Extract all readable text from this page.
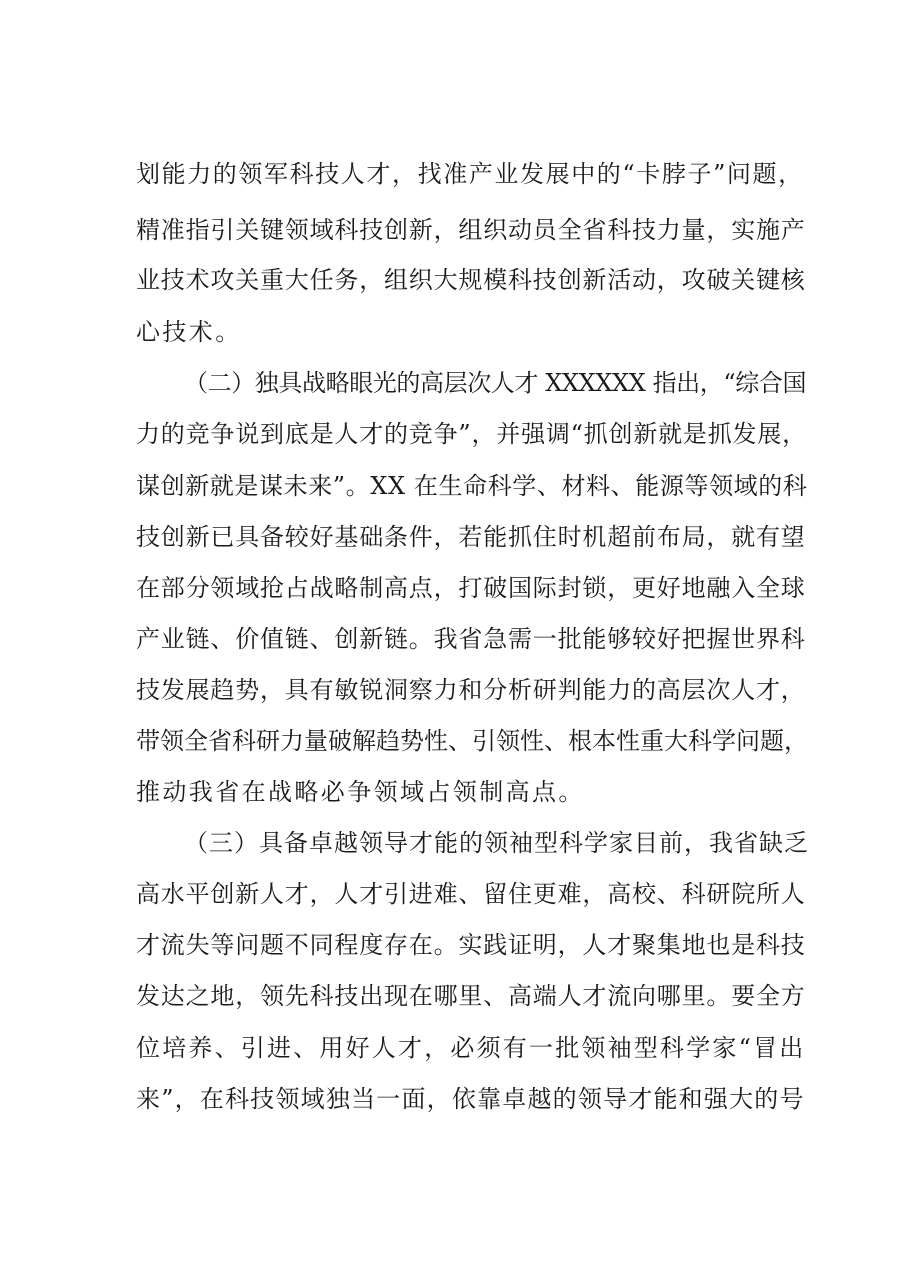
划能力的领军科技人才，找准产业发展中的“卡脖子”问题，
精准指引关键领域科技创新，组织动员全省科技力量，实施产
业技术攻关重大任务，组织大规模科技创新活动，攻破关键核
心技术。
（二）独具战略眼光的高层次人才 XXXXXX 指出，“综合国
力的竞争说到底是人才的竞争”，并强调“抓创新就是抓发展，
谋创新就是谋未来”。XX 在生命科学、材料、能源等领域的科
技创新已具备较好基础条件，若能抓住时机超前布局，就有望
在部分领域抢占战略制高点，打破国际封锁，更好地融入全球
产业链、价值链、创新链。我省急需一批能够较好把握世界科
技发展趋势，具有敏锐洞察力和分析研判能力的高层次人才，
带领全省科研力量破解趋势性、引领性、根本性重大科学问题，
推动我省在战略必争领域占领制高点。
（三）具备卓越领导才能的领袖型科学家目前，我省缺乏
高水平创新人才，人才引进难、留住更难，高校、科研院所人
才流失等问题不同程度存在。实践证明，人才聚集地也是科技
发达之地，领先科技出现在哪里、高端人才流向哪里。要全方
位培养、引进、用好人才，必须有一批领袖型科学家“冒出
来”，在科技领域独当一面，依靠卓越的领导才能和强大的号
